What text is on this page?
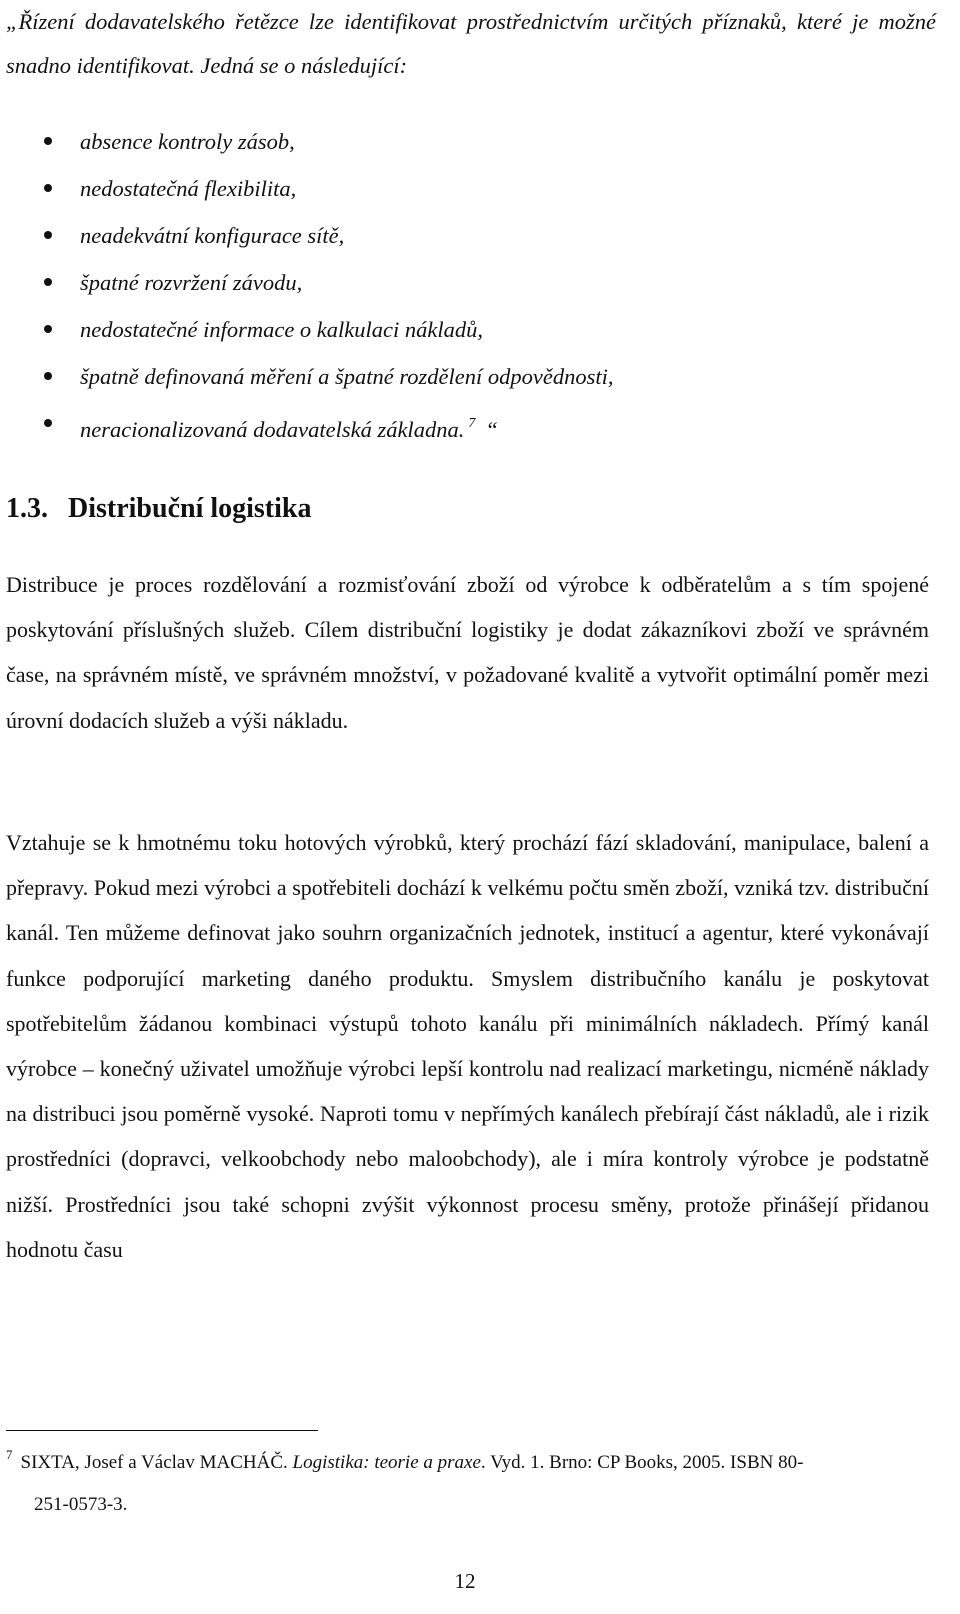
„Řízení dodavatelského řetězce lze identifikovat prostřednictvím určitých příznaků, které je možné snadno identifikovat. Jedná se o následující:

absence kontroly zásob,
nedostatečná flexibilita,
neadekvátní konfigurace sítě,
špatné rozvržení závodu,
nedostatečné informace o kalkulaci nákladů,
špatně definovaná měření a špatné rozdělení odpovědnosti,
neracionalizovaná dodavatelská základna. $^7$ “
1.3. Distribuční logistika

Distribuce je proces rozdělování a rozmisťování zboží od výrobce k odběratelům a s tím spojené poskytování příslušných služeb. Cílem distribuční logistiky je dodat zákazníkovi zboží ve správném čase, na správném místě, ve správném množství, v požadované kvalitě a vytvořit optimální poměr mezi úrovní dodacích služeb a výši nákladu.

Vztahuje se k hmotnému toku hotových výrobků, který prochází fází skladování, manipulace, balení a přepravy. Pokud mezi výrobci a spotřebiteli dochází k velkému počtu směn zboží, vzniká tzv. distribuční kanál. Ten můžeme definovat jako souhrn organizačních jednotek, institucí a agentur, které vykonávají funkce podporující marketing daného produktu. Smyslem distribučního kanálu je poskytovat spotřebitelům žádanou kombinaci výstupů tohoto kanálu při minimálních nákladech. Přímý kanál výrobce – konečný uživatel umožňuje výrobci lepší kontrolu nad realizací marketingu, nicméně náklady na distribuci jsou poměrně vysoké. Naproti tomu v nepřímých kanálech přebírají část nákladů, ale i rizik prostředníci (dopravci, velkoobchody nebo maloobchody), ale i míra kontroly výrobce je podstatně nižší. Prostředníci jsou také schopni zvýšit výkonnost procesu směny, protože přinášejí přidanou hodnotu času

$^7$ SIXTA, Josef a Václav MACHÁČ. Logistika: teorie a praxe. Vyd. 1. Brno: CP Books, 2005. ISBN 80-
251-0573-3.

12
